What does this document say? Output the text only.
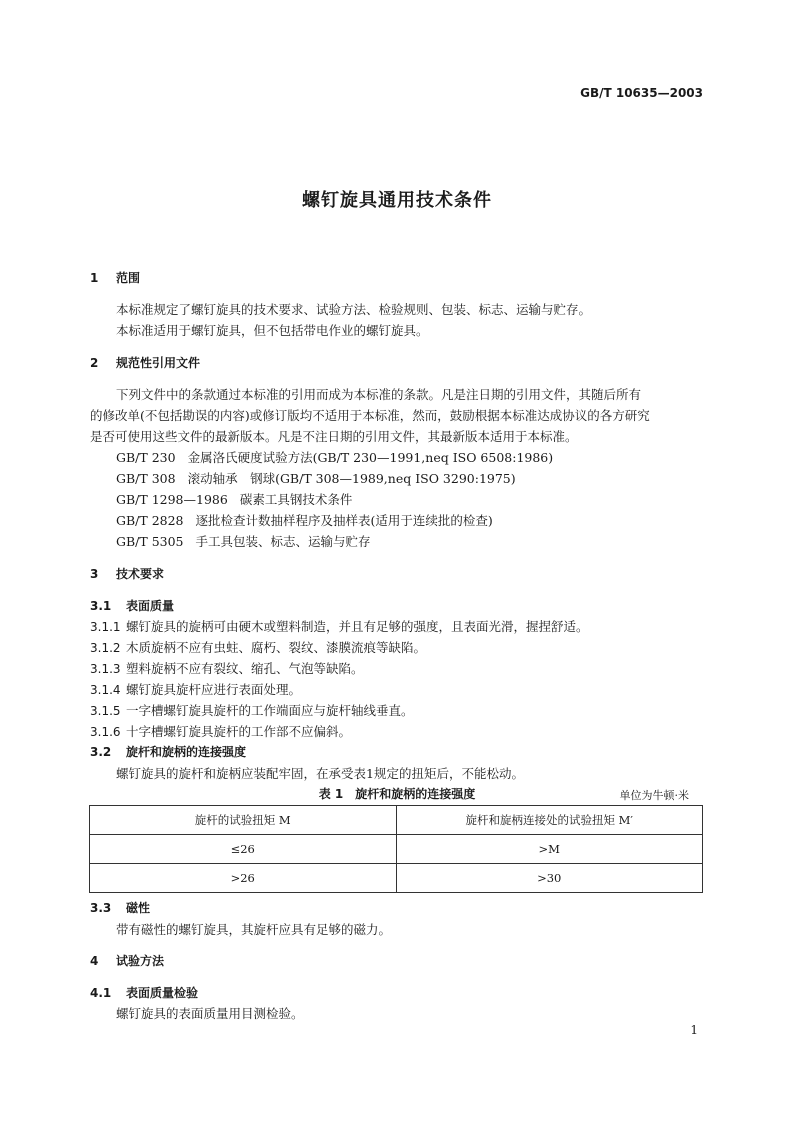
GB/T 10635—2003
螺钉旋具通用技术条件
1 范围
本标准规定了螺钉旋具的技术要求、试验方法、检验规则、包装、标志、运输与贮存。
本标准适用于螺钉旋具，但不包括带电作业的螺钉旋具。
2 规范性引用文件
下列文件中的条款通过本标准的引用而成为本标准的条款。凡是注日期的引用文件，其随后所有
的修改单(不包括勘误的内容)或修订版均不适用于本标准，然而，鼓励根据本标准达成协议的各方研究
是否可使用这些文件的最新版本。凡是不注日期的引用文件，其最新版本适用于本标准。
GB/T 230 金属洛氏硬度试验方法(GB/T 230—1991,neq ISO 6508:1986)
GB/T 308 滚动轴承　钢球(GB/T 308—1989,neq ISO 3290:1975)
GB/T 1298—1986 碳素工具钢技术条件
GB/T 2828 逐批检查计数抽样程序及抽样表(适用于连续批的检查)
GB/T 5305 手工具包装、标志、运输与贮存
3 技术要求
3.1 表面质量
3.1.1 螺钉旋具的旋柄可由硬木或塑料制造，并且有足够的强度，且表面光滑，握捏舒适。
3.1.2 木质旋柄不应有虫蛀、腐朽、裂纹、漆膜流痕等缺陷。
3.1.3 塑料旋柄不应有裂纹、缩孔、气泡等缺陷。
3.1.4 螺钉旋具旋杆应进行表面处理。
3.1.5 一字槽螺钉旋具旋杆的工作端面应与旋杆轴线垂直。
3.1.6 十字槽螺钉旋具旋杆的工作部不应偏斜。
3.2 旋杆和旋柄的连接强度
螺钉旋具的旋杆和旋柄应装配牢固，在承受表1规定的扭矩后，不能松动。
表 1　旋杆和旋柄的连接强度	单位为牛顿·米
旋杆的试验扭矩 M	旋杆和旋柄连接处的试验扭矩 M′
≤26	>M
>26	>30
3.3 磁性
带有磁性的螺钉旋具，其旋杆应具有足够的磁力。
4 试验方法
4.1 表面质量检验
螺钉旋具的表面质量用目测检验。
1
